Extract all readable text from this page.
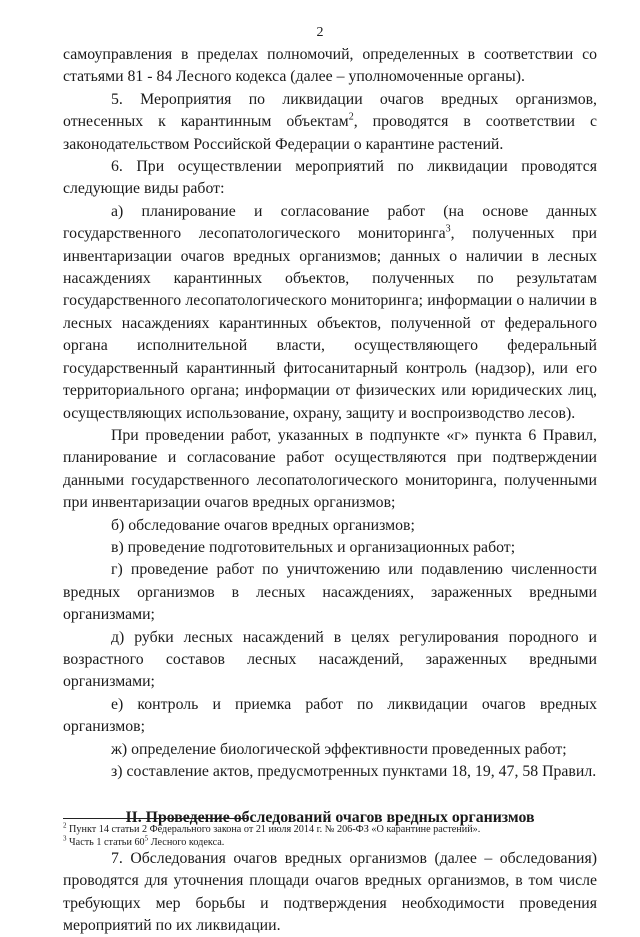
2

самоуправления в пределах полномочий, определенных в соответствии со статьями 81 - 84 Лесного кодекса (далее – уполномоченные органы).

5. Мероприятия по ликвидации очагов вредных организмов, отнесенных к карантинным объектам$^2$, проводятся в соответствии с законодательством Российской Федерации о карантине растений.

6. При осуществлении мероприятий по ликвидации проводятся следующие виды работ:

а) планирование и согласование работ (на основе данных государственного лесопатологического мониторинга$^3$, полученных при инвентаризации очагов вредных организмов; данных о наличии в лесных насаждениях карантинных объектов, полученных по результатам государственного лесопатологического мониторинга; информации о наличии в лесных насаждениях карантинных объектов, полученной от федерального органа исполнительной власти, осуществляющего федеральный государственный карантинный фитосанитарный контроль (надзор), или его территориального органа; информации от физических или юридических лиц, осуществляющих использование, охрану, защиту и воспроизводство лесов).

При проведении работ, указанных в подпункте «г» пункта 6 Правил, планирование и согласование работ осуществляются при подтверждении данными государственного лесопатологического мониторинга, полученными при инвентаризации очагов вредных организмов;

б) обследование очагов вредных организмов;

в) проведение подготовительных и организационных работ;

г) проведение работ по уничтожению или подавлению численности вредных организмов в лесных насаждениях, зараженных вредными организмами;

д) рубки лесных насаждений в целях регулирования породного и возрастного составов лесных насаждений, зараженных вредными организмами;

е) контроль и приемка работ по ликвидации очагов вредных организмов;

ж) определение биологической эффективности проведенных работ;

з) составление актов, предусмотренных пунктами 18, 19, 47, 58 Правил.

II. Проведение обследований очагов вредных организмов

7. Обследования очагов вредных организмов (далее – обследования) проводятся для уточнения площади очагов вредных организмов, в том числе требующих мер борьбы и подтверждения необходимости проведения мероприятий по их ликвидации.

$^2$ Пункт 14 статьи 2 Федерального закона от 21 июля 2014 г. № 206-ФЗ «О карантине растений».

$^3$ Часть 1 статьи $60^5$ Лесного кодекса.
